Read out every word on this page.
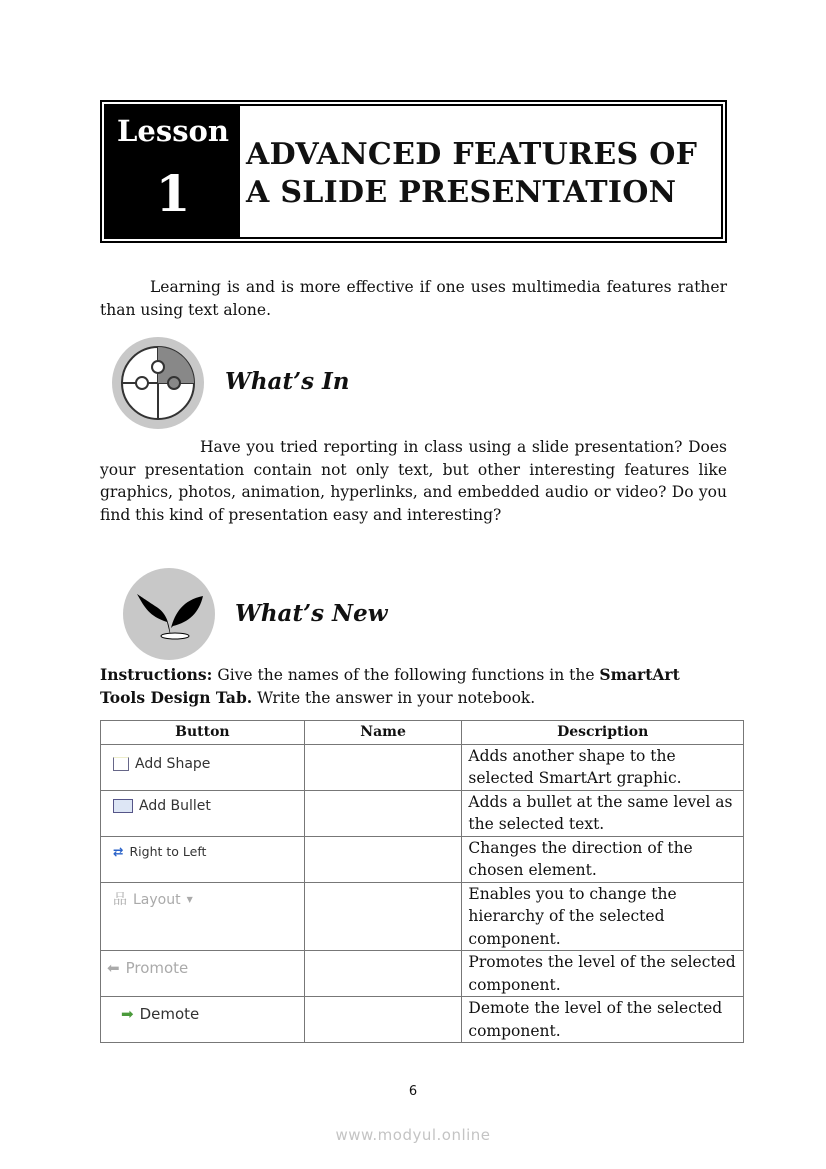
Lesson
1
ADVANCED FEATURES OF
A SLIDE PRESENTATION
Learning is and is more effective if one uses multimedia features rather than using text alone.
What’s In
Have you tried reporting in class using a slide presentation? Does your presentation contain not only text, but other interesting features like graphics, photos, animation, hyperlinks, and embedded audio or video? Do you find this kind of presentation easy and interesting?
What’s New
Instructions: Give the names of the following functions in the SmartArt Tools Design Tab. Write the answer in your notebook.
Button	Name	Description

Add Shape		Adds another shape to the selected SmartArt graphic.

Add Bullet		Adds a bullet at the same level as the selected text.

⇄ Right to Left		Changes the direction of the chosen element.

品 Layout ▼		Enables you to change the hierarchy of the selected component.

⬅ Promote		Promotes the level of the selected component.

➡ Demote		Demote the level of the selected component.
6
www.modyul.online
